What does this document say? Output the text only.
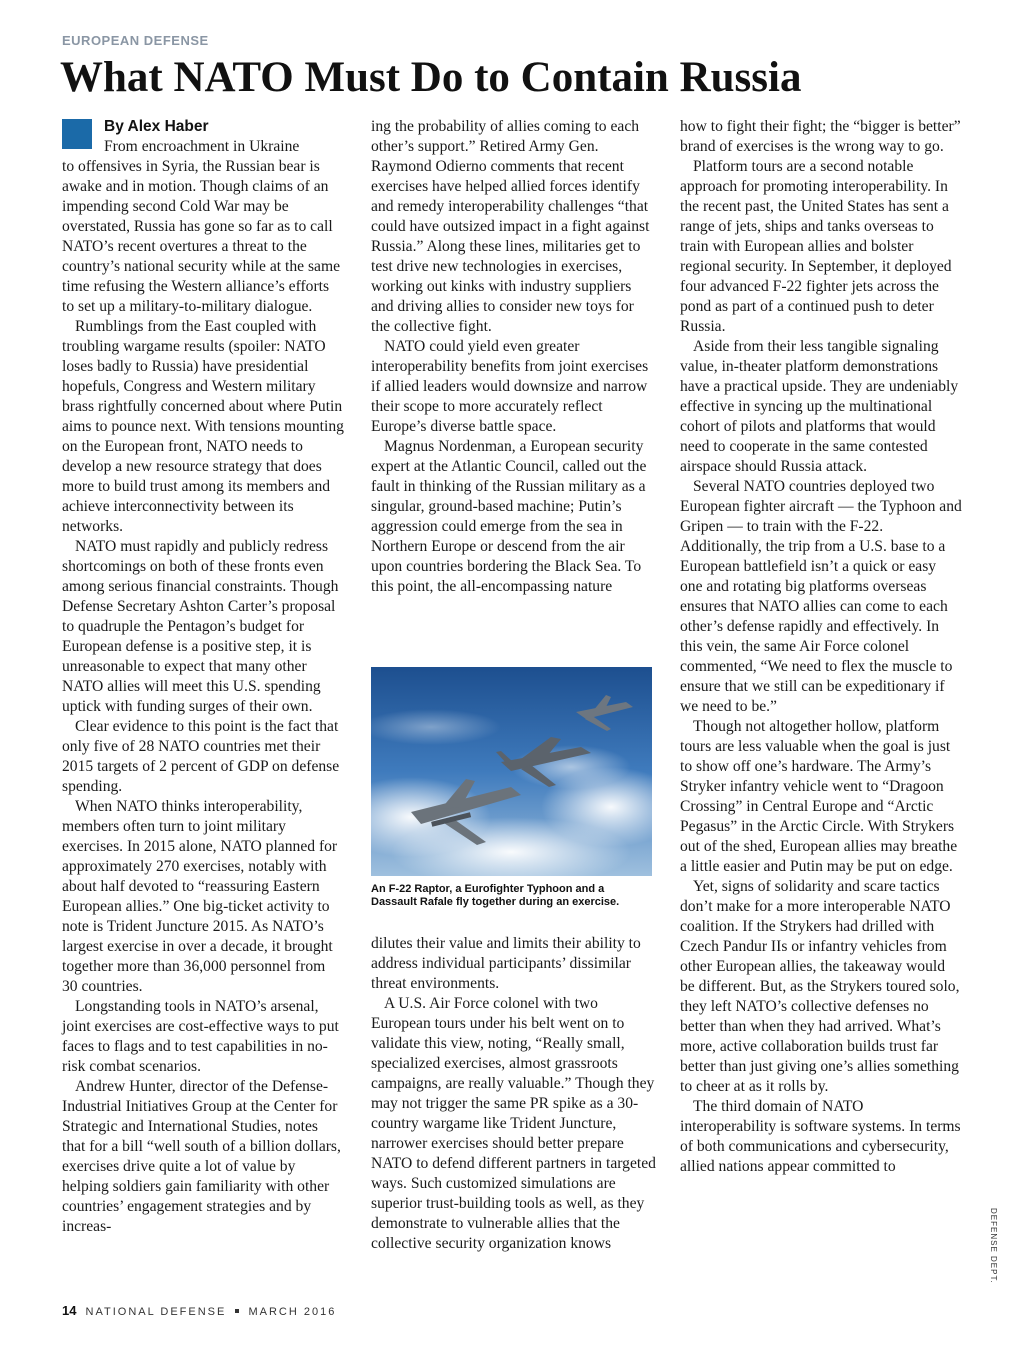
EUROPEAN DEFENSE
What NATO Must Do to Contain Russia
By Alex Haber
From encroachment in Ukraine

to offensives in Syria, the Russian bear is awake and in motion. Though claims of an impending second Cold War may be overstated, Russia has gone so far as to call NATO’s recent overtures a threat to the country’s national security while at the same time refusing the Western alliance’s efforts to set up a military-to-military dialogue.

Rumblings from the East coupled with troubling wargame results (spoiler: NATO loses badly to Russia) have presidential hopefuls, Congress and Western military brass rightfully concerned about where Putin aims to pounce next. With tensions mounting on the European front, NATO needs to develop a new resource strategy that does more to build trust among its members and achieve interconnectivity between its networks.

NATO must rapidly and publicly redress shortcomings on both of these fronts even among serious financial constraints. Though Defense Secretary Ashton Carter’s proposal to quadruple the Pentagon’s budget for European defense is a positive step, it is unreasonable to expect that many other NATO allies will meet this U.S. spending uptick with funding surges of their own.

Clear evidence to this point is the fact that only five of 28 NATO countries met their 2015 targets of 2 percent of GDP on defense spending.

When NATO thinks interoperability, members often turn to joint military exercises. In 2015 alone, NATO planned for approximately 270 exercises, notably with about half devoted to “reassuring Eastern European allies.” One big-ticket activity to note is Trident Juncture 2015. As NATO’s largest exercise in over a decade, it brought together more than 36,000 personnel from 30 countries.

Longstanding tools in NATO’s arsenal, joint exercises are cost-effective ways to put faces to flags and to test capabilities in no-risk combat scenarios.

Andrew Hunter, director of the Defense-Industrial Initiatives Group at the Center for Strategic and International Studies, notes that for a bill “well south of a billion dollars, exercises drive quite a lot of value by helping soldiers gain familiarity with other countries’ engagement strategies and by increas-

ing the probability of allies coming to each other’s support.” Retired Army Gen. Raymond Odierno comments that recent exercises have helped allied forces identify and remedy interoperability challenges “that could have outsized impact in a fight against Russia.” Along these lines, militaries get to test drive new technologies in exercises, working out kinks with industry suppliers and driving allies to consider new toys for the collective fight.

NATO could yield even greater interoperability benefits from joint exercises if allied leaders would downsize and narrow their scope to more accurately reflect Europe’s diverse battle space.

Magnus Nordenman, a European security expert at the Atlantic Council, called out the fault in thinking of the Russian military as a singular, ground-based machine; Putin’s aggression could emerge from the sea in Northern Europe or descend from the air upon countries bordering the Black Sea. To this point, the all-encompassing nature

An F-22 Raptor, a Eurofighter Typhoon and a Dassault Rafale fly together during an exercise.

dilutes their value and limits their ability to address individual participants’ dissimilar threat environments.

A U.S. Air Force colonel with two European tours under his belt went on to validate this view, noting, “Really small, specialized exercises, almost grassroots campaigns, are really valuable.” Though they may not trigger the same PR spike as a 30-country wargame like Trident Juncture, narrower exercises should better prepare NATO to defend different partners in targeted ways. Such customized simulations are superior trust-building tools as well, as they demonstrate to vulnerable allies that the collective security organization knows

how to fight their fight; the “bigger is better” brand of exercises is the wrong way to go.

Platform tours are a second notable approach for promoting interoperability. In the recent past, the United States has sent a range of jets, ships and tanks overseas to train with European allies and bolster regional security. In September, it deployed four advanced F-22 fighter jets across the pond as part of a continued push to deter Russia.

Aside from their less tangible signaling value, in-theater platform demonstrations have a practical upside. They are undeniably effective in syncing up the multinational cohort of pilots and platforms that would need to cooperate in the same contested airspace should Russia attack.

Several NATO countries deployed two European fighter aircraft — the Typhoon and Gripen — to train with the F-22. Additionally, the trip from a U.S. base to a European battlefield isn’t a quick or easy one and rotating big platforms overseas ensures that NATO allies can come to each other’s defense rapidly and effectively. In this vein, the same Air Force colonel commented, “We need to flex the muscle to ensure that we still can be expeditionary if we need to be.”

Though not altogether hollow, platform tours are less valuable when the goal is just to show off one’s hardware. The Army’s Stryker infantry vehicle went to “Dragoon Crossing” in Central Europe and “Arctic Pegasus” in the Arctic Circle. With Strykers out of the shed, European allies may breathe a little easier and Putin may be put on edge.

Yet, signs of solidarity and scare tactics don’t make for a more interoperable NATO coalition. If the Strykers had drilled with Czech Pandur IIs or infantry vehicles from other European allies, the takeaway would be different. But, as the Strykers toured solo, they left NATO’s collective defenses no better than when they had arrived. What’s more, active collaboration builds trust far better than just giving one’s allies something to cheer at as it rolls by.

The third domain of NATO interoperability is software systems. In terms of both communications and cybersecurity, allied nations appear committed to

DEFENSE DEPT.
14 NATIONAL DEFENSE MARCH 2016
